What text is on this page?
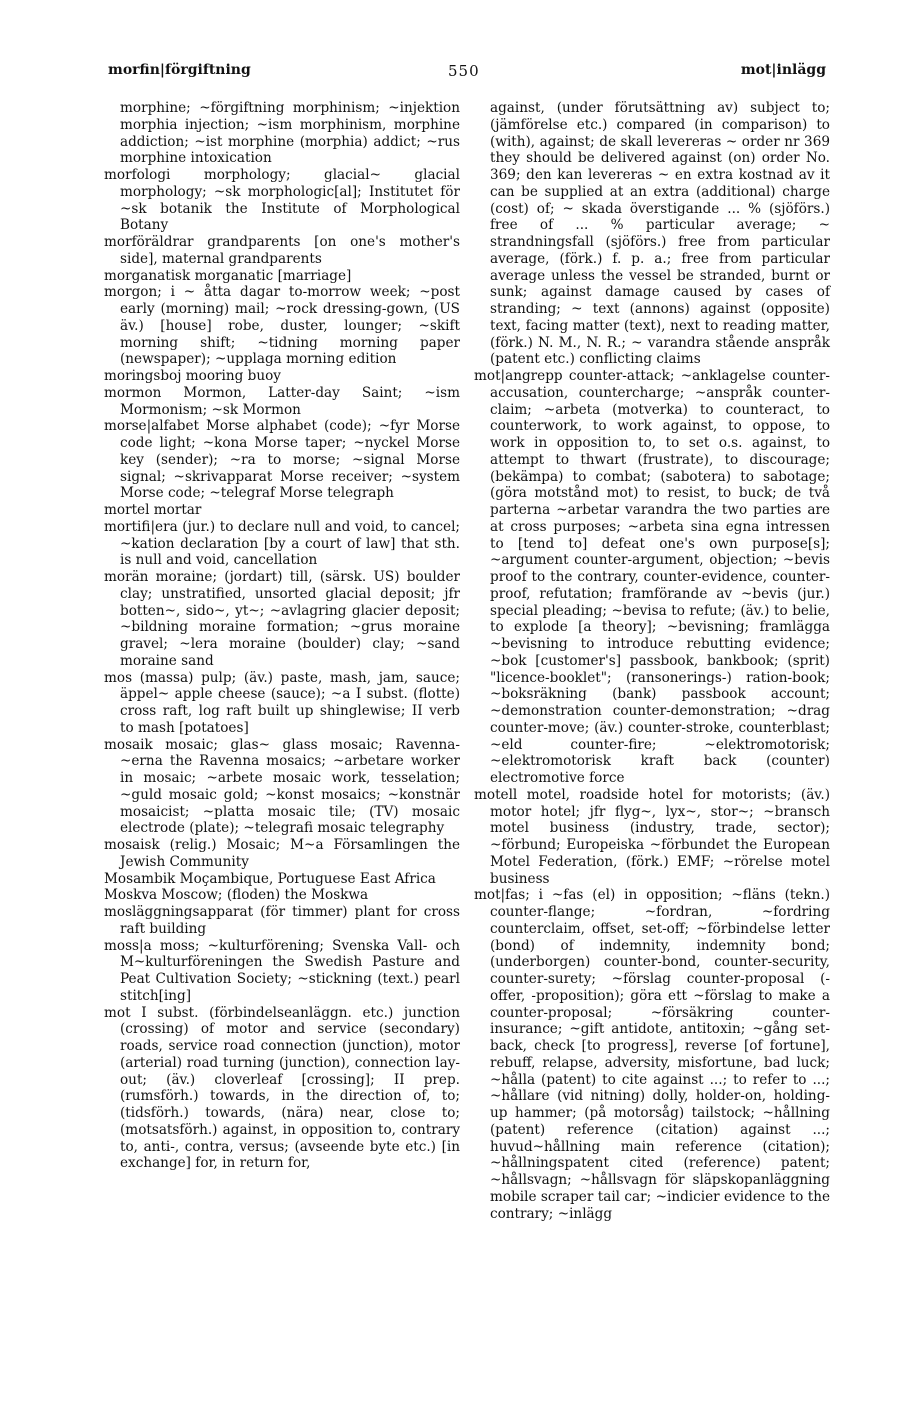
morfin|förgiftning	550	mot|inlägg

morphine; ~förgiftning morphinism; ~injektion morphia injection; ~ism morphinism, morphine addiction; ~ist morphine (morphia) addict; ~rus morphine intoxication

morfologi morphology; glacial~ glacial morphology; ~sk morphologic[al]; Institutet för ~sk botanik the Institute of Morphological Botany

morföräldrar grandparents [on one's mother's side], maternal grandparents

morganatisk morganatic [marriage]

morgon; i ~ åtta dagar to-morrow week; ~post early (morning) mail; ~rock dressing-gown, (US äv.) [house] robe, duster, lounger; ~skift morning shift; ~tidning morning paper (newspaper); ~upplaga morning edition

moringsboj mooring buoy

mormon Mormon, Latter-day Saint; ~ism Mormonism; ~sk Mormon

morse|alfabet Morse alphabet (code); ~fyr Morse code light; ~kona Morse taper; ~nyckel Morse key (sender); ~ra to morse; ~signal Morse signal; ~skrivapparat Morse receiver; ~system Morse code; ~telegraf Morse telegraph

mortel mortar

mortifi|era (jur.) to declare null and void, to cancel; ~kation declaration [by a court of law] that sth. is null and void, cancellation

morän moraine; (jordart) till, (särsk. US) boulder clay; unstratified, unsorted glacial deposit; jfr botten~, sido~, yt~; ~avlagring glacier deposit; ~bildning moraine formation; ~grus moraine gravel; ~lera moraine (boulder) clay; ~sand moraine sand

mos (massa) pulp; (äv.) paste, mash, jam, sauce; äppel~ apple cheese (sauce); ~a I subst. (flotte) cross raft, log raft built up shinglewise; II verb to mash [potatoes]

mosaik mosaic; glas~ glass mosaic; Ravenna-~erna the Ravenna mosaics; ~arbetare worker in mosaic; ~arbete mosaic work, tesselation; ~guld mosaic gold; ~konst mosaics; ~konstnär mosaicist; ~platta mosaic tile; (TV) mosaic electrode (plate); ~telegrafi mosaic telegraphy

mosaisk (relig.) Mosaic; M~a Församlingen the Jewish Community

Mosambik Moçambique, Portuguese East Africa

Moskva Moscow; (floden) the Moskwa

mosläggningsapparat (för timmer) plant for cross raft building

moss|a moss; ~kulturförening; Svenska Vall- och M~kulturföreningen the Swedish Pasture and Peat Cultivation Society; ~stickning (text.) pearl stitch[ing]

mot I subst. (förbindelseanläggn. etc.) junction (crossing) of motor and service (secondary) roads, service road connection (junction), motor (arterial) road turning (junction), connection lay-out; (äv.) cloverleaf [crossing]; II prep. (rumsförh.) towards, in the direction of, to; (tidsförh.) towards, (nära) near, close to; (motsatsförh.) against, in opposition to, contrary to, anti-, contra, versus; (avseende byte etc.) [in exchange] for, in return for,

against, (under förutsättning av) subject to; (jämförelse etc.) compared (in comparison) to (with), against; de skall levereras ~ order nr 369 they should be delivered against (on) order No. 369; den kan levereras ~ en extra kostnad av it can be supplied at an extra (additional) charge (cost) of; ~ skada överstigande ... % (sjöförs.) free of ... % particular average; ~ strandningsfall (sjöförs.) free from particular average, (förk.) f. p. a.; free from particular average unless the vessel be stranded, burnt or sunk; against damage caused by cases of stranding; ~ text (annons) against (opposite) text, facing matter (text), next to reading matter, (förk.) N. M., N. R.; ~ varandra stående anspråk (patent etc.) conflicting claims

mot|angrepp counter-attack; ~anklagelse counter-accusation, countercharge; ~anspråk counter-claim; ~arbeta (motverka) to counteract, to counterwork, to work against, to oppose, to work in opposition to, to set o.s. against, to attempt to thwart (frustrate), to discourage; (bekämpa) to combat; (sabotera) to sabotage; (göra motstånd mot) to resist, to buck; de två parterna ~arbetar varandra the two parties are at cross purposes; ~arbeta sina egna intressen to [tend to] defeat one's own purpose[s]; ~argument counter-argument, objection; ~bevis proof to the contrary, counter-evidence, counter-proof, refutation; framförande av ~bevis (jur.) special pleading; ~bevisa to refute; (äv.) to belie, to explode [a theory]; ~bevisning; framlägga ~bevisning to introduce rebutting evidence; ~bok [customer's] passbook, bankbook; (sprit) "licence-booklet"; (ransonerings-) ration-book; ~boksräkning (bank) passbook account; ~demonstration counter-demonstration; ~drag counter-move; (äv.) counter-stroke, counterblast; ~eld counter-fire; ~elektromotorisk; ~elektromotorisk kraft back (counter) electromotive force

motell motel, roadside hotel for motorists; (äv.) motor hotel; jfr flyg~, lyx~, stor~; ~bransch motel business (industry, trade, sector); ~förbund; Europeiska ~förbundet the European Motel Federation, (förk.) EMF; ~rörelse motel business

mot|fas; i ~fas (el) in opposition; ~fläns (tekn.) counter-flange; ~fordran, ~fordring counterclaim, offset, set-off; ~förbindelse letter (bond) of indemnity, indemnity bond; (underborgen) counter-bond, counter-security, counter-surety; ~förslag counter-proposal (-offer, -proposition); göra ett ~förslag to make a counter-proposal; ~försäkring counter-insurance; ~gift antidote, antitoxin; ~gång set-back, check [to progress], reverse [of fortune], rebuff, relapse, adversity, misfortune, bad luck; ~hålla (patent) to cite against ...; to refer to ...; ~hållare (vid nitning) dolly, holder-on, holding-up hammer; (på motorsåg) tailstock; ~hållning (patent) reference (citation) against ...; huvud~hållning main reference (citation); ~hållningspatent cited (reference) patent; ~hållsvagn; ~hållsvagn för släpskopanläggning mobile scraper tail car; ~indicier evidence to the contrary; ~inlägg
